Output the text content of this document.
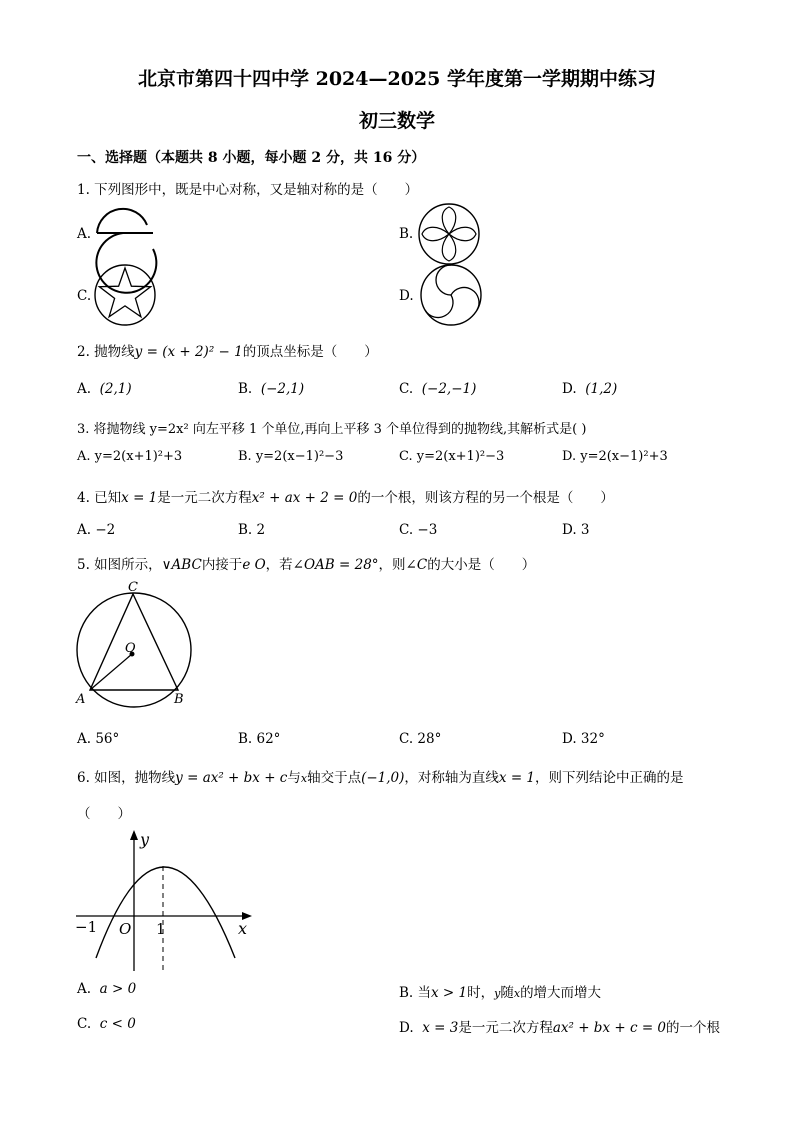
北京市第四十四中学 2024—2025 学年度第一学期期中练习
初三数学
一、选择题（本题共 8 小题，每小题 2 分，共 16 分）
1. 下列图形中，既是中心对称，又是轴对称的是（　　）
A.	B.
C.	D.
2. 抛物线y = (x + 2)² − 1的顶点坐标是（　　）
A. (2,1)	B. (−2,1)	C. (−2,−1)	D. (1,2)
3. 将抛物线 y=2x² 向左平移 1 个单位,再向上平移 3 个单位得到的抛物线,其解析式是( )
A. y=2(x+1)²+3	B. y=2(x−1)²−3	C. y=2(x+1)²−3	D. y=2(x−1)²+3
4. 已知x = 1是一元二次方程x² + ax + 2 = 0的一个根，则该方程的另一个根是（　　）
A. −2	B. 2	C. −3	D. 3
5. 如图所示，∨ABC内接于e O，若∠OAB = 28°，则∠C的大小是（　　）
C
O
A	B
A. 56°	B. 62°	C. 28°	D. 32°
6. 如图，抛物线y = ax² + bx + c与x轴交于点(−1,0)，对称轴为直线x = 1，则下列结论中正确的是
（　　）
y
x
O
−1	1
A. a > 0	B. 当x > 1时，y随x的增大而增大
C. c < 0	D. x = 3是一元二次方程ax² + bx + c = 0的一个根
